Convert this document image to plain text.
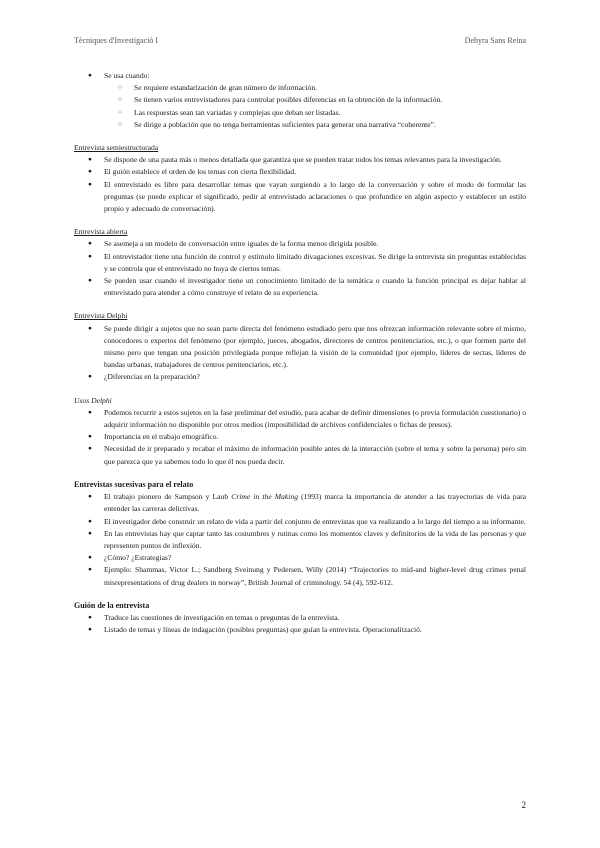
Tècniques d'Investigació I	Dehyra Sans Reina
● Se usa cuando:
○ Se requiere estandarización de gran número de información.
○ Se tienen varios entrevistadores para controlar posibles diferencias en la obtención de la información.
○ Las respuestas sean tan variadas y complejas que deban ser listadas.
○ Se dirige a población que no tenga herramientas suficientes para generar una narrativa “coherente”.
Entrevista semiestructurada
● Se dispone de una pauta más o menos detallada que garantiza que se pueden tratar todos los temas relevantes para la investigación.
● El guión establece el orden de los temas con cierta flexibilidad.
● El entrevistado es libre para desarrollar temas que vayan surgiendo a lo largo de la conversación y sobre el modo de formular las preguntas (se puede explicar el significado, pedir al entrevistado aclaraciones o que profundice en algún aspecto y establecer un estilo propio y adecuado de conversación).
Entrevista abierta
● Se asemeja a un modelo de conversación entre iguales de la forma menos dirigida posible.
● El entrevistador tiene una función de control y estímulo limitado divagaciones excesivas. Se dirige la entrevista sin preguntas establecidas y se controla que el entrevistado no huya de ciertos temas.
● Se pueden usar cuando el investigador tiene un conocimiento limitado de la temática o cuando la función principal es dejar hablar al entrevistado para atender a cómo construye el relato de su experiencia.
Entrevista Delphi
● Se puede dirigir a sujetos que no sean parte directa del fenómeno estudiado pero que nos ofrezcan información relevante sobre el mismo, conocedores o expertos del fenómeno (por ejemplo, jueces, abogados, directores de centros penitenciarios, etc.), o que formen parte del mismo pero que tengan una posición privilegiada porque reflejan la visión de la comunidad (por ejemplo, líderes de sectas, líderes de bandas urbanas, trabajadores de centros penitenciarios, etc.).
● ¿Diferencias en la preparación?
Usos Delphi
● Podemos recurrir a estos sujetos en la fase preliminar del estudio, para acabar de definir dimensiones (o previa formulación cuestionario) o adquirir información no disponible por otros medios (imposibilidad de archivos confidenciales o fichas de presos).
● Importancia en el trabajo etnográfico.
● Necesidad de ir preparado y recabar el máximo de información posible antes de la interacción (sobre el tema y sobre la persona) pero sin que parezca que ya sabemos todo lo que él nos pueda decir.
Entrevistas sucesivas para el relato
● El trabajo pionero de Sampson y Laub Crime in the Making (1993) marca la importancia de atender a las trayectorias de vida para entender las carreras delictivas.
● El investigador debe construir un relato de vida a partir del conjunto de entrevistas que va realizando a lo largo del tiempo a su informante.
● En las entrevistas hay que captar tanto las costumbres y rutinas como los momentos claves y definitorios de la vida de las personas y que representen puntos de inflexión.
● ¿Cómo? ¿Estrategias?
● Ejemplo: Shammas, Victor L.; Sandberg Sveinung y Pedersen, Willy (2014) “Trajectories to mid-and higher-level drug crimes penal misrepresentations of drug dealers in norway”, British Journal of criminology. 54 (4), 592-612.
Guión de la entrevista
● Traduce las cuestiones de investigación en temas o preguntas de la entrevista.
● Listado de temas y líneas de indagación (posibles preguntas) que guían la entrevista. Operacionalització.
2
